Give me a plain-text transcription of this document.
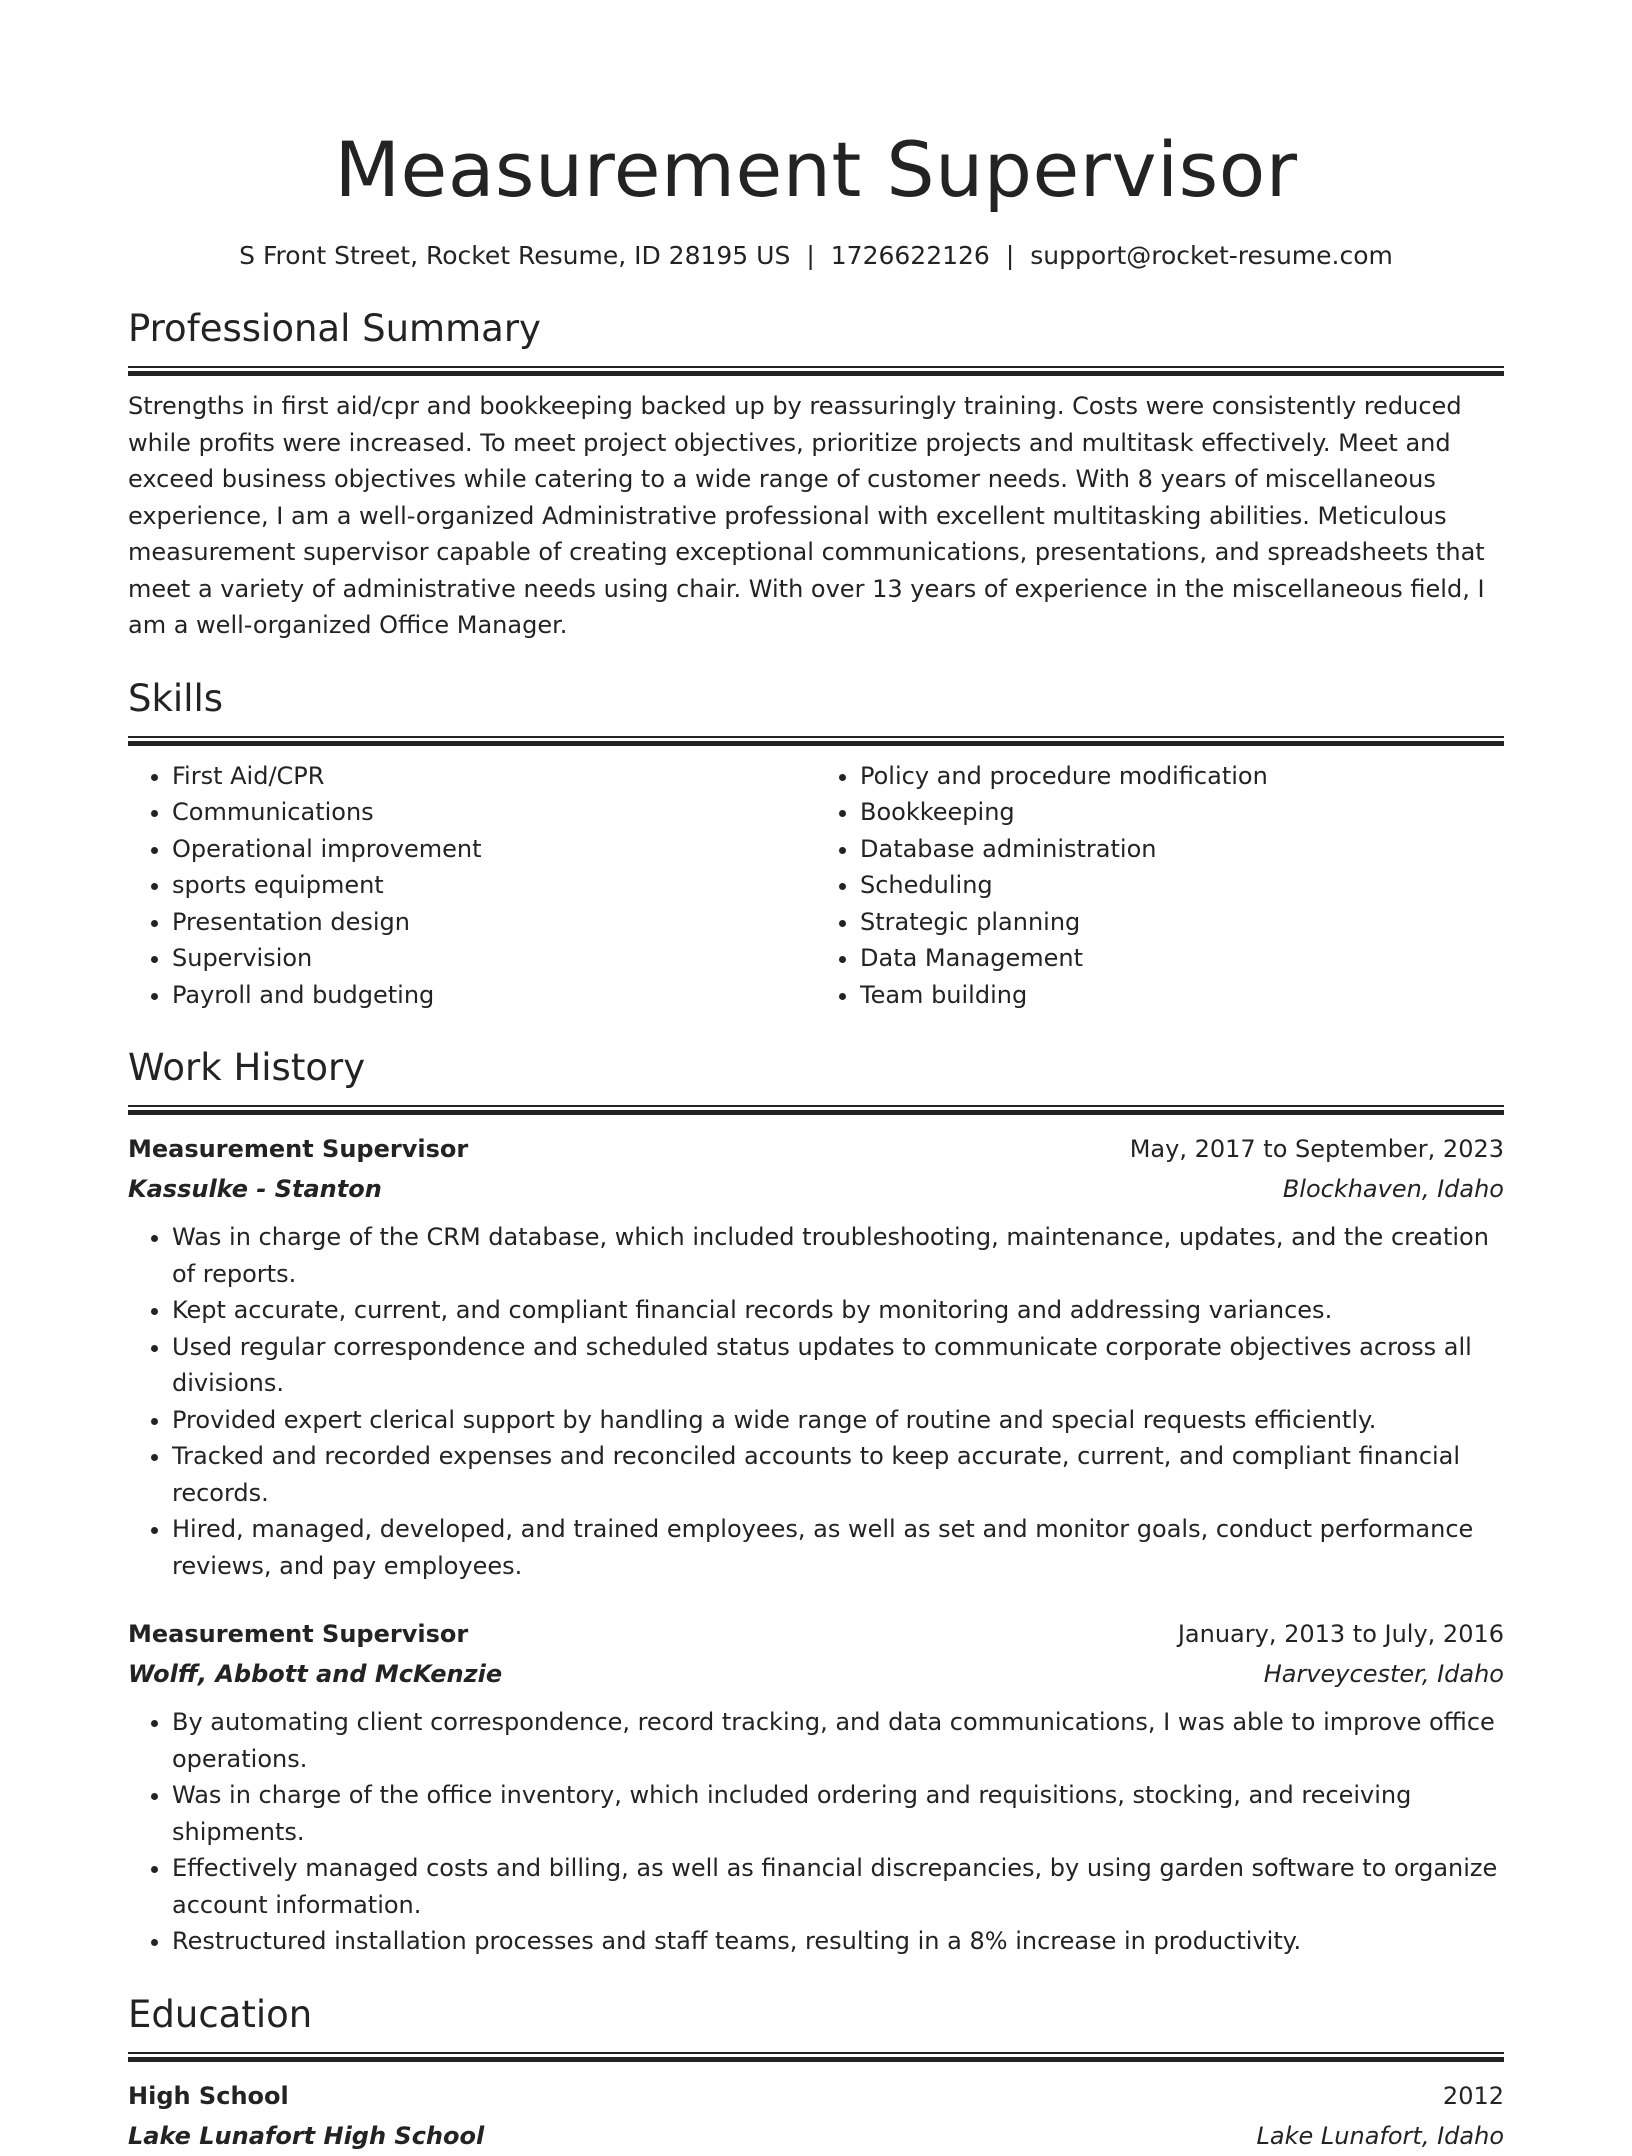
Measurement Supervisor
S Front Street, Rocket Resume, ID 28195 US | 1726622126 | support@rocket-resume.com
Professional Summary
Strengths in first aid/cpr and bookkeeping backed up by reassuringly training. Costs were consistently reduced while profits were increased. To meet project objectives, prioritize projects and multitask effectively. Meet and exceed business objectives while catering to a wide range of customer needs. With 8 years of miscellaneous experience, I am a well-organized Administrative professional with excellent multitasking abilities. Meticulous measurement supervisor capable of creating exceptional communications, presentations, and spreadsheets that meet a variety of administrative needs using chair. With over 13 years of experience in the miscellaneous field, I am a well-organized Office Manager.
Skills
• First Aid/CPR
• Communications
• Operational improvement
• sports equipment
• Presentation design
• Supervision
• Payroll and budgeting
• Policy and procedure modification
• Bookkeeping
• Database administration
• Scheduling
• Strategic planning
• Data Management
• Team building
Work History
Measurement Supervisor	May, 2017 to September, 2023
Kassulke - Stanton	Blockhaven, Idaho
• Was in charge of the CRM database, which included troubleshooting, maintenance, updates, and the creation of reports.
• Kept accurate, current, and compliant financial records by monitoring and addressing variances.
• Used regular correspondence and scheduled status updates to communicate corporate objectives across all divisions.
• Provided expert clerical support by handling a wide range of routine and special requests efficiently.
• Tracked and recorded expenses and reconciled accounts to keep accurate, current, and compliant financial records.
• Hired, managed, developed, and trained employees, as well as set and monitor goals, conduct performance reviews, and pay employees.
Measurement Supervisor	January, 2013 to July, 2016
Wolff, Abbott and McKenzie	Harveycester, Idaho
• By automating client correspondence, record tracking, and data communications, I was able to improve office operations.
• Was in charge of the office inventory, which included ordering and requisitions, stocking, and receiving shipments.
• Effectively managed costs and billing, as well as financial discrepancies, by using garden software to organize account information.
• Restructured installation processes and staff teams, resulting in a 8% increase in productivity.
Education
High School	2012
Lake Lunafort High School	Lake Lunafort, Idaho
